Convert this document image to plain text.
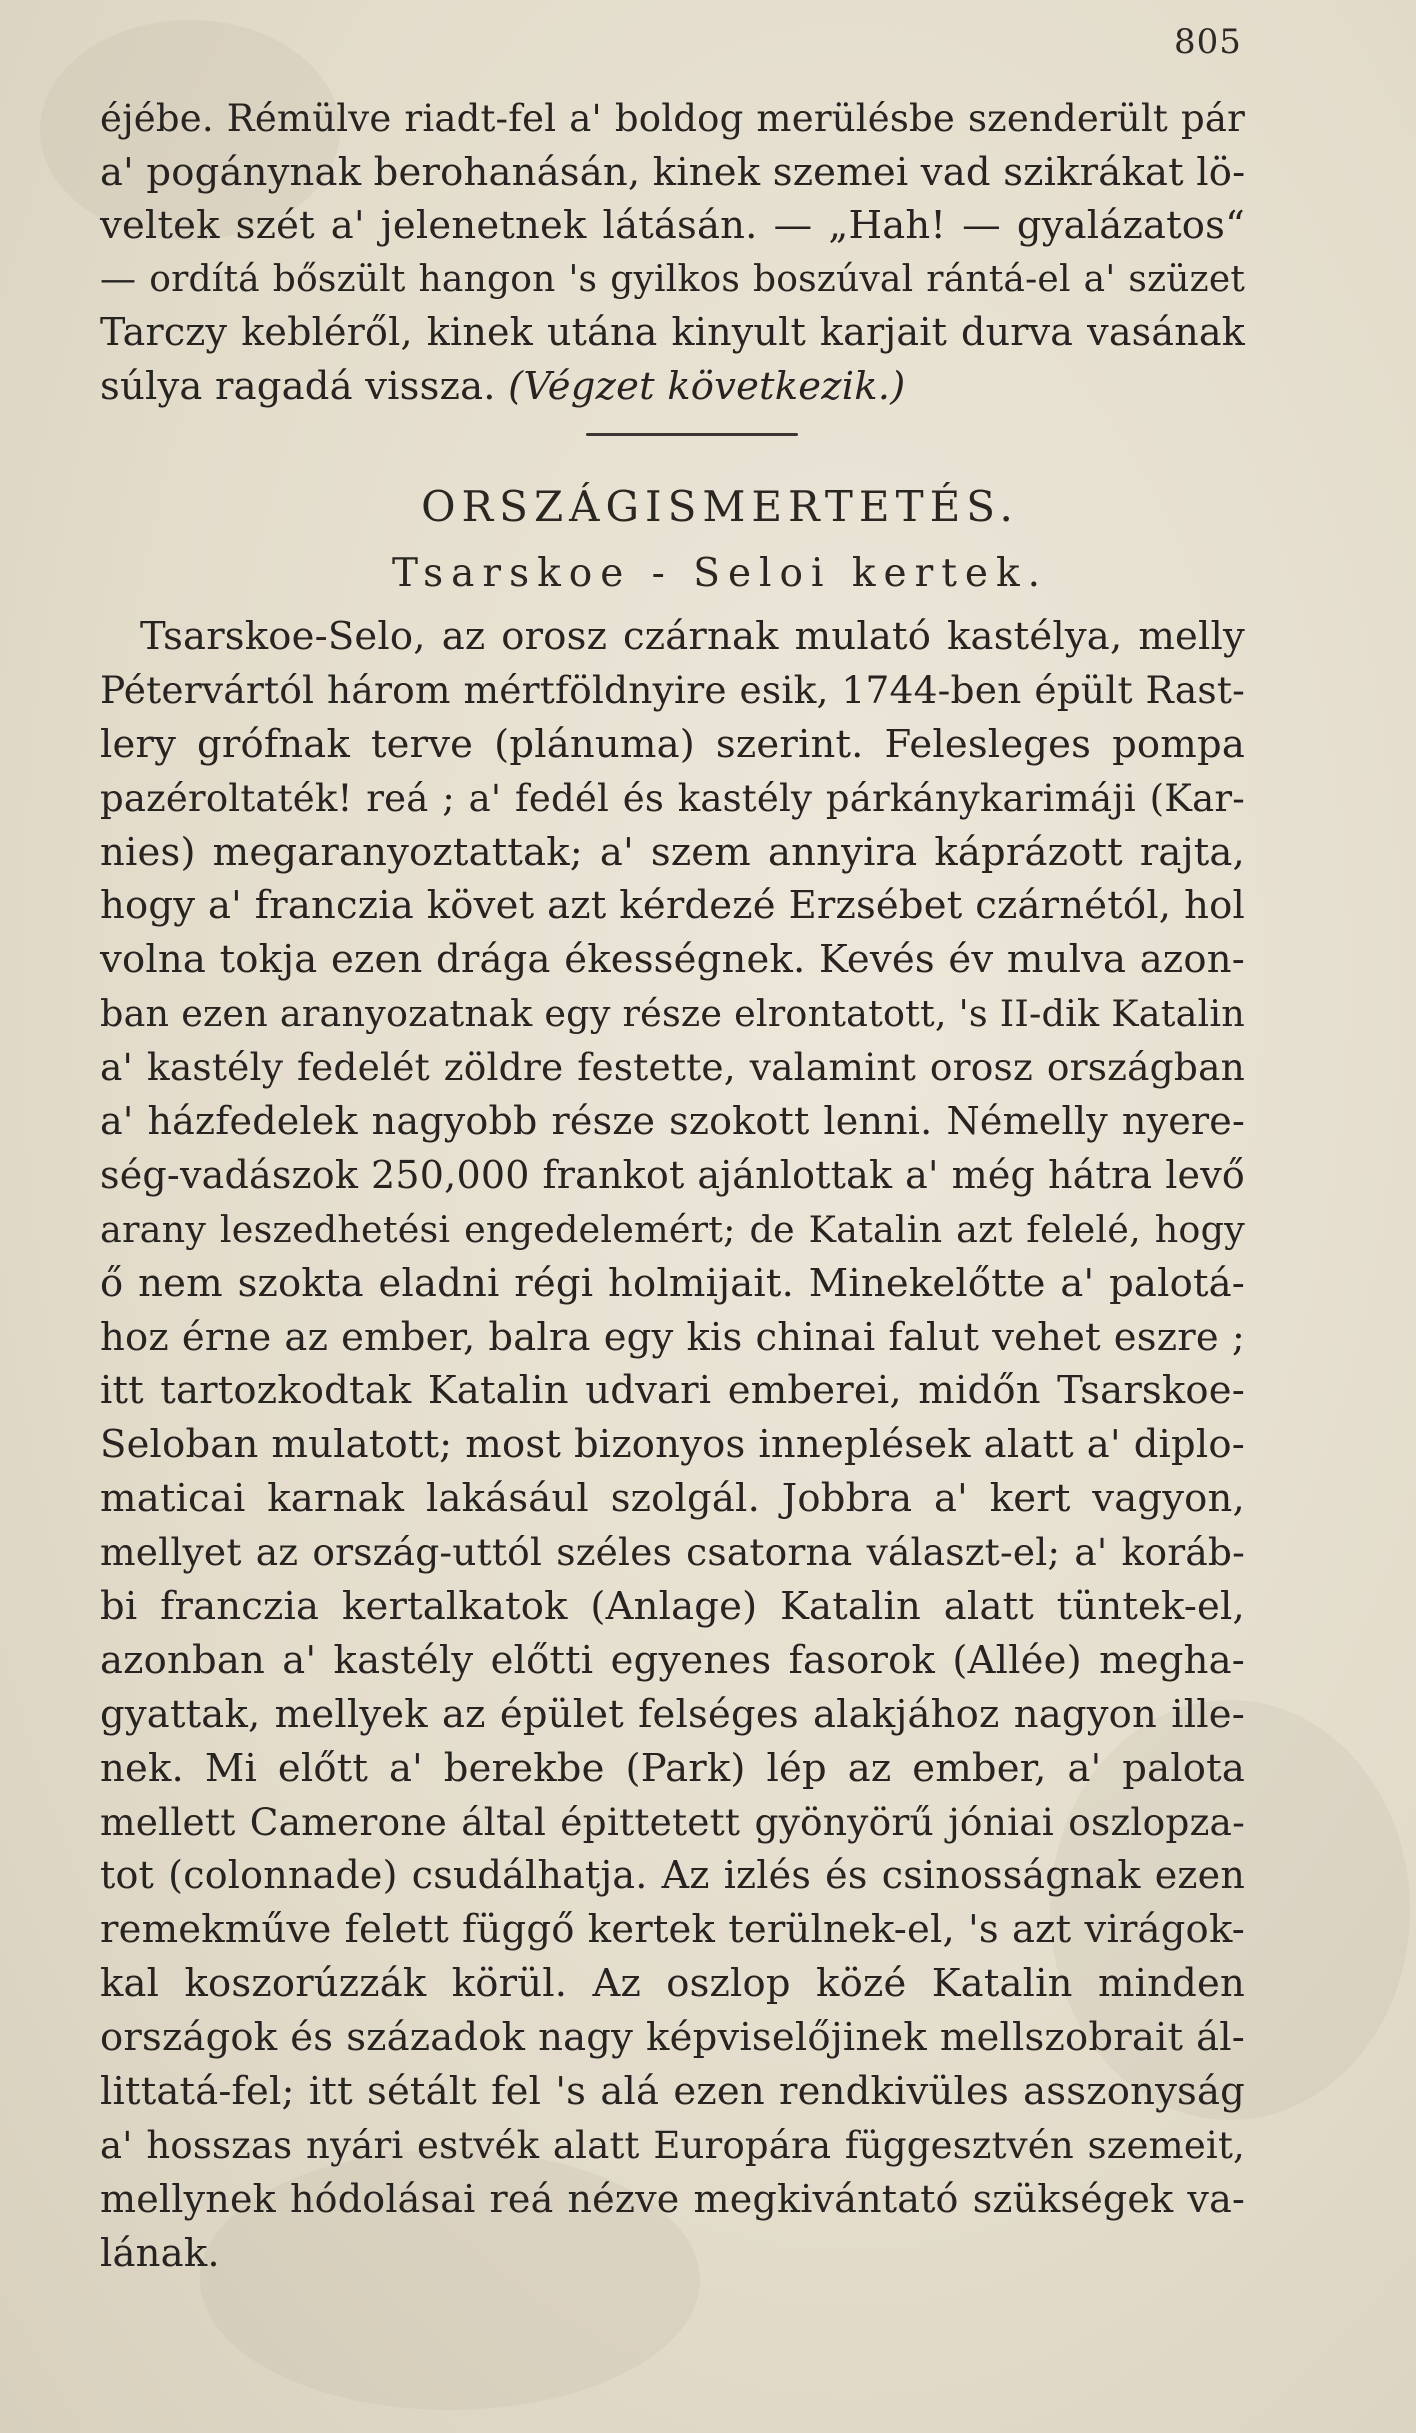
805
éjébe. Rémülve riadt-fel a' boldog merülésbe szenderült pár
a' pogánynak berohanásán, kinek szemei vad szikrákat lö-
veltek szét a' jelenetnek látásán. — „Hah! — gyalázatos“
— ordítá bőszült hangon 's gyilkos boszúval rántá-el a' szüzet
Tarczy kebléről, kinek utána kinyult karjait durva vasának
súlya ragadá vissza. (Végzet következik.)
ORSZÁGISMERTETÉS.
Tsarskoe - Seloi kertek.
Tsarskoe-Selo, az orosz czárnak mulató kastélya, melly
Pétervártól három mértföldnyire esik, 1744-ben épült Rast-
lery grófnak terve (plánuma) szerint. Felesleges pompa
pazéroltaték! reá ; a' fedél és kastély párkánykarimáji (Kar-
nies) megaranyoztattak; a' szem annyira káprázott rajta,
hogy a' franczia követ azt kérdezé Erzsébet czárnétól, hol
volna tokja ezen drága ékességnek. Kevés év mulva azon-
ban ezen aranyozatnak egy része elrontatott, 's II-dik Katalin
a' kastély fedelét zöldre festette, valamint orosz országban
a' házfedelek nagyobb része szokott lenni. Némelly nyere-
ség-vadászok 250,000 frankot ajánlottak a' még hátra levő
arany leszedhetési engedelemért; de Katalin azt felelé, hogy
ő nem szokta eladni régi holmijait. Minekelőtte a' palotá-
hoz érne az ember, balra egy kis chinai falut vehet eszre ;
itt tartozkodtak Katalin udvari emberei, midőn Tsarskoe-
Seloban mulatott; most bizonyos inneplések alatt a' diplo-
maticai karnak lakásául szolgál. Jobbra a' kert vagyon,
mellyet az ország-uttól széles csatorna választ-el; a' koráb-
bi franczia kertalkatok (Anlage) Katalin alatt tüntek-el,
azonban a' kastély előtti egyenes fasorok (Allée) megha-
gyattak, mellyek az épület felséges alakjához nagyon ille-
nek. Mi előtt a' berekbe (Park) lép az ember, a' palota
mellett Camerone által épittetett gyönyörű jóniai oszlopza-
tot (colonnade) csudálhatja. Az izlés és csinosságnak ezen
remekműve felett függő kertek terülnek-el, 's azt virágok-
kal koszorúzzák körül. Az oszlop közé Katalin minden
országok és századok nagy képviselőjinek mellszobrait ál-
littatá-fel; itt sétált fel 's alá ezen rendkivüles asszonyság
a' hosszas nyári estvék alatt Europára függesztvén szemeit,
mellynek hódolásai reá nézve megkivántató szükségek va-
lának.
